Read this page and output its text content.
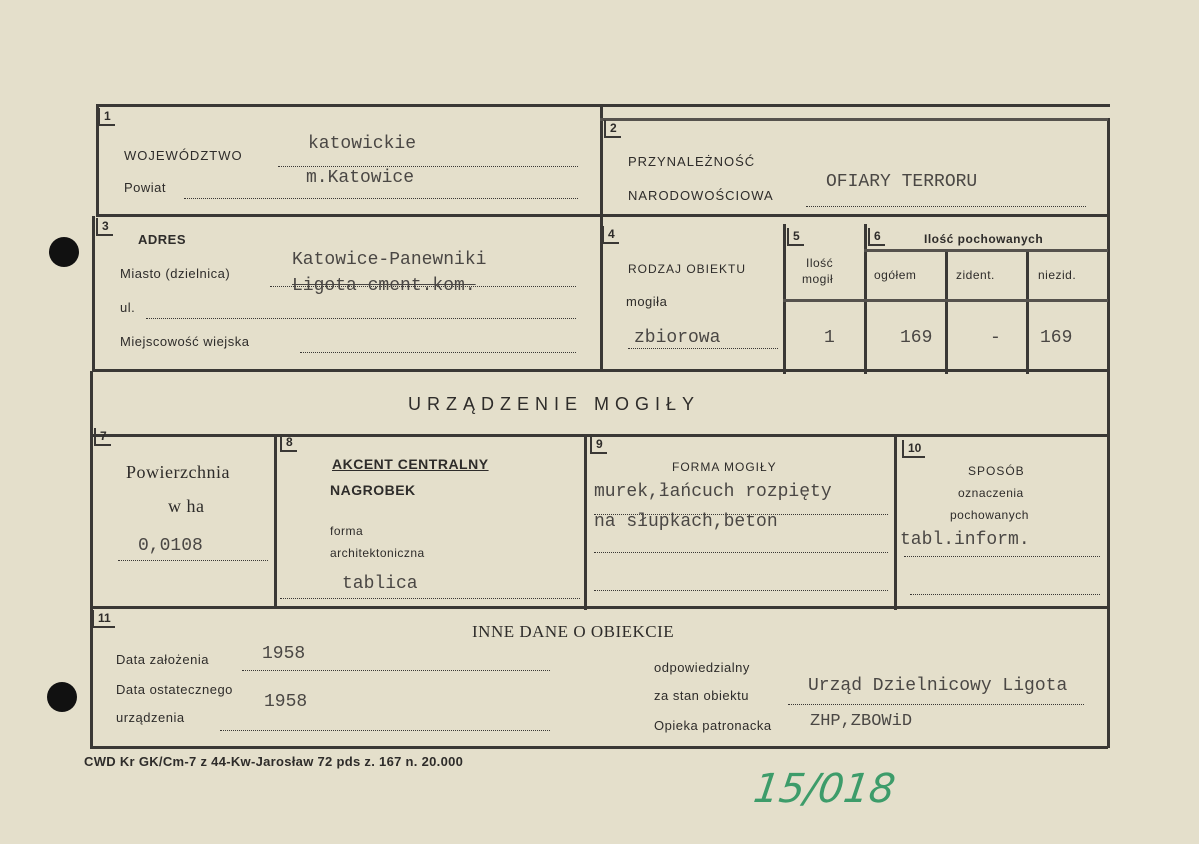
1
2
3
4	5	6
7	8	9	10
11
WOJEWÓDZTWO
katowickie
Powiat	m.Katowice
PRZYNALEŻNOŚĆ
NARODOWOŚCIOWA
OFIARY TERRORU
ADRES
Miasto (dzielnica)
Katowice-Panewniki
Ligota cment.kom.
ul.
Miejscowość wiejska
RODZAJ OBIEKTU
mogiła
zbiorowa
Ilość
mogił
1
Ilość pochowanych
ogółem	zident.	niezid.
169	- 169
URZĄDZENIE MOGIŁY
Powierzchnia
w ha
0,0108
AKCENT CENTRALNY
NAGROBEK
forma
architektoniczna
tablica
FORMA MOGIŁY
murek,łańcuch rozpięty
na słupkach,beton
SPOSÓB
oznaczenia
pochowanych
tabl.inform.
INNE DANE O OBIEKCIE
Data założenia	1958
Data ostatecznego
urządzenia
1958
odpowiedzialny
za stan obiektu	Urząd Dzielnicowy Ligota
Opieka patronacka ZHP,ZBOWiD
CWD Kr GK/Cm-7 z 44-Kw-Jarosław 72 pds z. 167 n. 20.000
15/018
